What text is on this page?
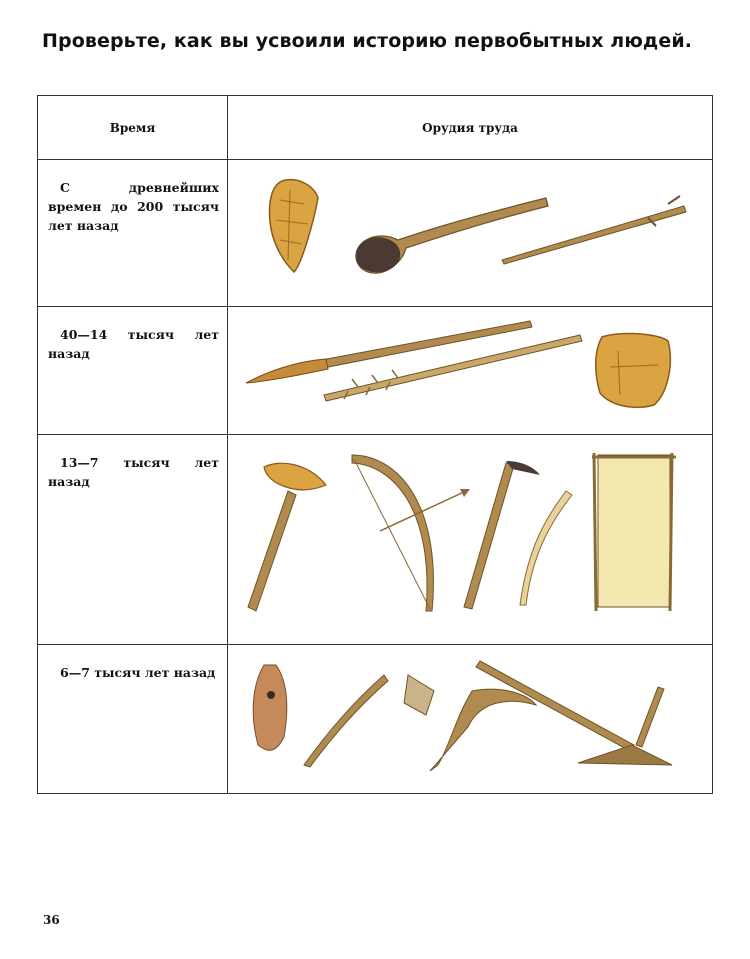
Проверьте, как вы усвоили историю первобытных людей.
Время	Орудия труда

С древнейших времен до 200 тысяч лет назад

40—14 тысяч лет назад

13—7 тысяч лет назад

6—7 тысяч лет назад

36
